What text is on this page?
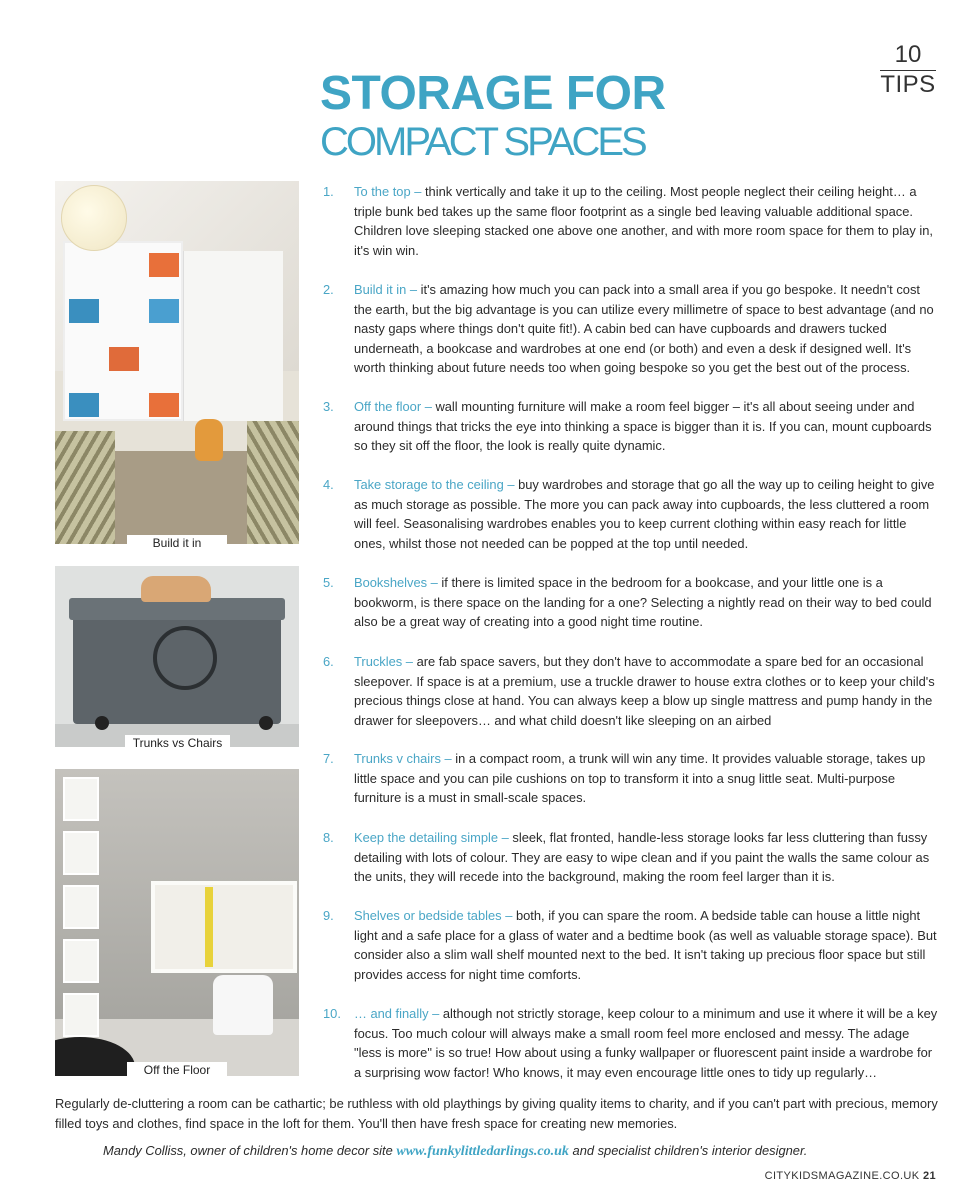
10
TIPS
STORAGE FOR
COMPACT SPACES
Build it in
Trunks vs Chairs
Off the Floor
1. To the top – think vertically and take it up to the ceiling. Most people neglect their ceiling height… a triple bunk bed takes up the same floor footprint as a single bed leaving valuable additional space. Children love sleeping stacked one above one another, and with more room space for them to play in, it's win win.
2. Build it in – it's amazing how much you can pack into a small area if you go bespoke. It needn't cost the earth, but the big advantage is you can utilize every millimetre of space to best advantage (and no nasty gaps where things don't quite fit!). A cabin bed can have cupboards and drawers tucked underneath, a bookcase and wardrobes at one end (or both) and even a desk if designed well. It's worth thinking about future needs too when going bespoke so you get the best out of the process.
3. Off the floor – wall mounting furniture will make a room feel bigger – it's all about seeing under and around things that tricks the eye into thinking a space is bigger than it is. If you can, mount cupboards so they sit off the floor, the look is really quite dynamic.
4. Take storage to the ceiling – buy wardrobes and storage that go all the way up to ceiling height to give as much storage as possible. The more you can pack away into cupboards, the less cluttered a room will feel. Seasonalising wardrobes enables you to keep current clothing within easy reach for little ones, whilst those not needed can be popped at the top until needed.
5. Bookshelves – if there is limited space in the bedroom for a bookcase, and your little one is a bookworm, is there space on the landing for a one? Selecting a nightly read on their way to bed could also be a great way of creating into a good night time routine.
6. Truckles – are fab space savers, but they don't have to accommodate a spare bed for an occasional sleepover. If space is at a premium, use a truckle drawer to house extra clothes or to keep your child's precious things close at hand. You can always keep a blow up single mattress and pump handy in the drawer for sleepovers… and what child doesn't like sleeping on an airbed
7. Trunks v chairs – in a compact room, a trunk will win any time. It provides valuable storage, takes up little space and you can pile cushions on top to transform it into a snug little seat. Multi-purpose furniture is a must in small-scale spaces.
8. Keep the detailing simple – sleek, flat fronted, handle-less storage looks far less cluttering than fussy detailing with lots of colour. They are easy to wipe clean and if you paint the walls the same colour as the units, they will recede into the background, making the room feel larger than it is.
9. Shelves or bedside tables – both, if you can spare the room. A bedside table can house a little night light and a safe place for a glass of water and a bedtime book (as well as valuable storage space). But consider also a slim wall shelf mounted next to the bed. It isn't taking up precious floor space but still provides access for night time comforts.
10. … and finally – although not strictly storage, keep colour to a minimum and use it where it will be a key focus. Too much colour will always make a small room feel more enclosed and messy. The adage "less is more" is so true! How about using a funky wallpaper or fluorescent paint inside a wardrobe for a surprising wow factor! Who knows, it may even encourage little ones to tidy up regularly…
Regularly de-cluttering a room can be cathartic; be ruthless with old playthings by giving quality items to charity, and if you can't part with precious, memory filled toys and clothes, find space in the loft for them. You'll then have fresh space for creating new memories.
Mandy Colliss, owner of children's home decor site www.funkylittledarlings.co.uk and specialist children's interior designer.
CITYKIDSMAGAZINE.CO.UK 21
